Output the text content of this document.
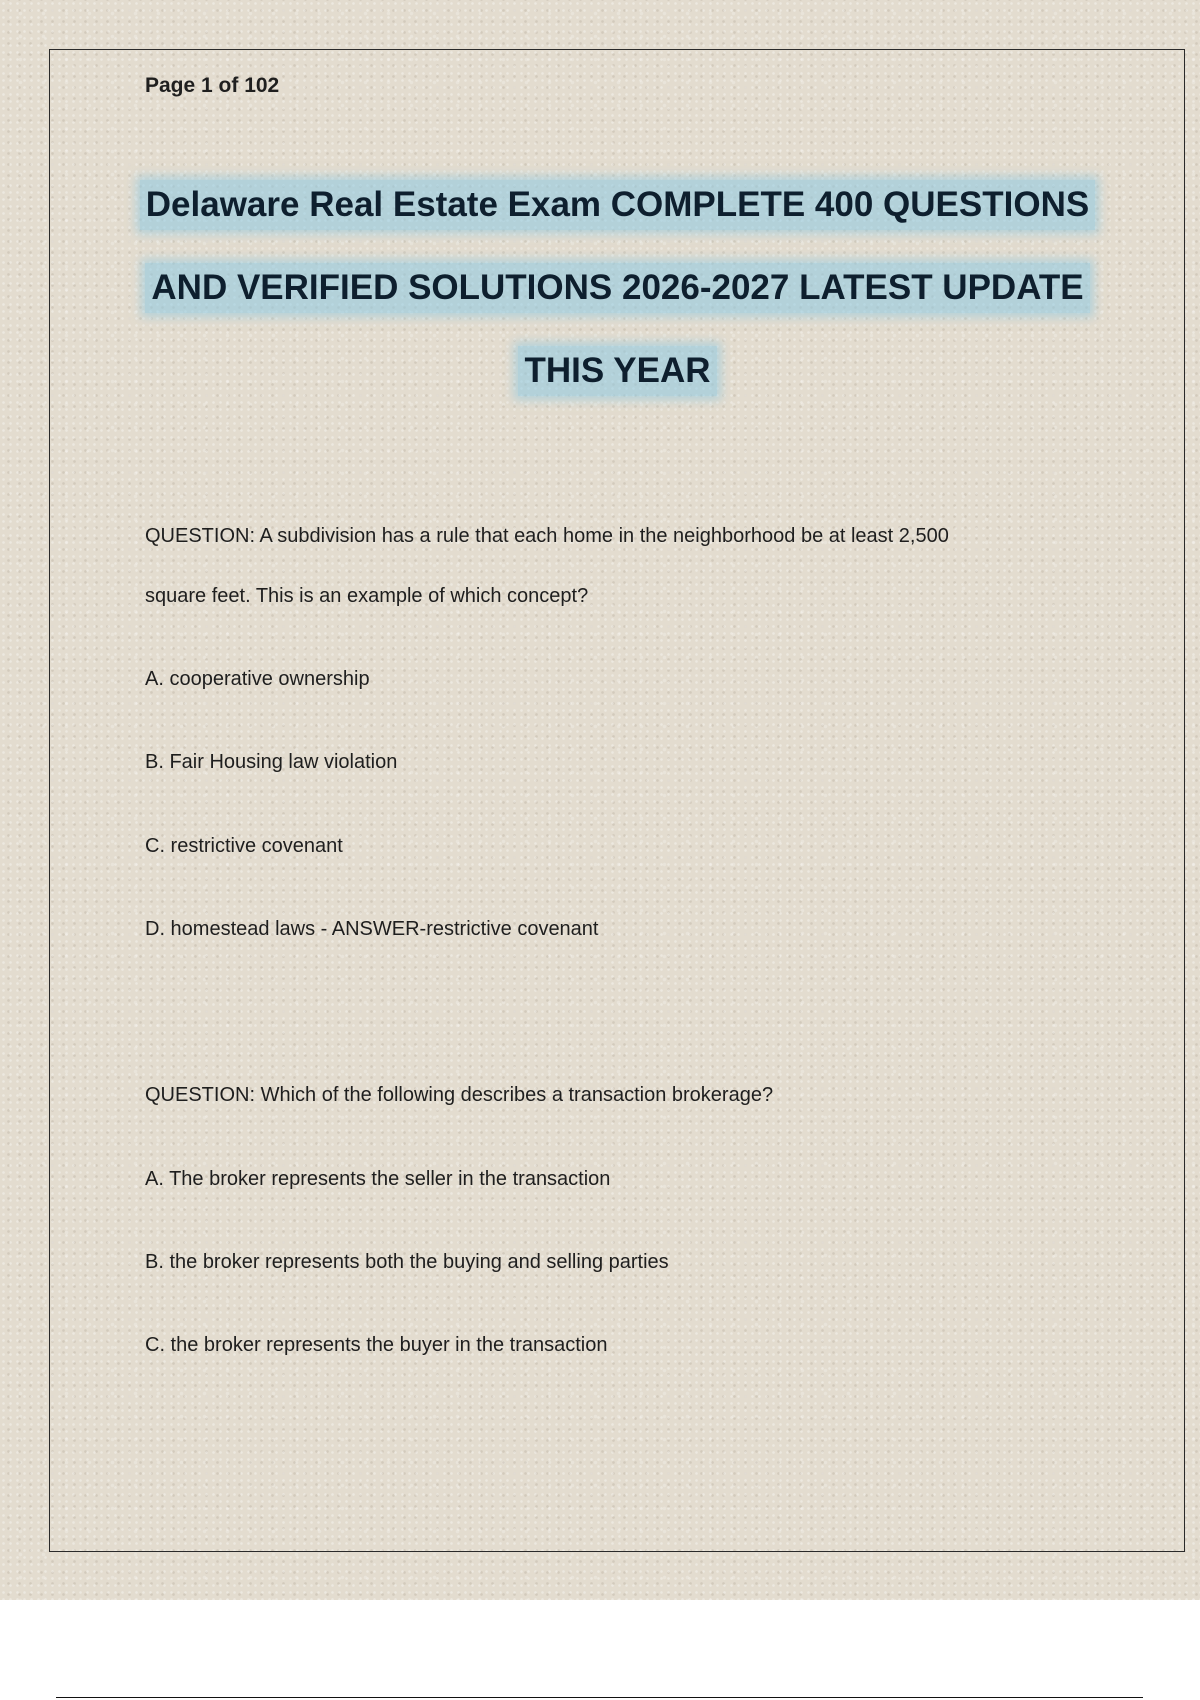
Page 1 of 102
Delaware Real Estate Exam COMPLETE 400 QUESTIONS
AND VERIFIED SOLUTIONS 2026-2027 LATEST UPDATE
THIS YEAR
QUESTION: A subdivision has a rule that each home in the neighborhood be at least 2,500
square feet. This is an example of which concept?
A. cooperative ownership
B. Fair Housing law violation
C. restrictive covenant
D. homestead laws - ANSWER-restrictive covenant
QUESTION: Which of the following describes a transaction brokerage?
A. The broker represents the seller in the transaction
B. the broker represents both the buying and selling parties
C. the broker represents the buyer in the transaction
